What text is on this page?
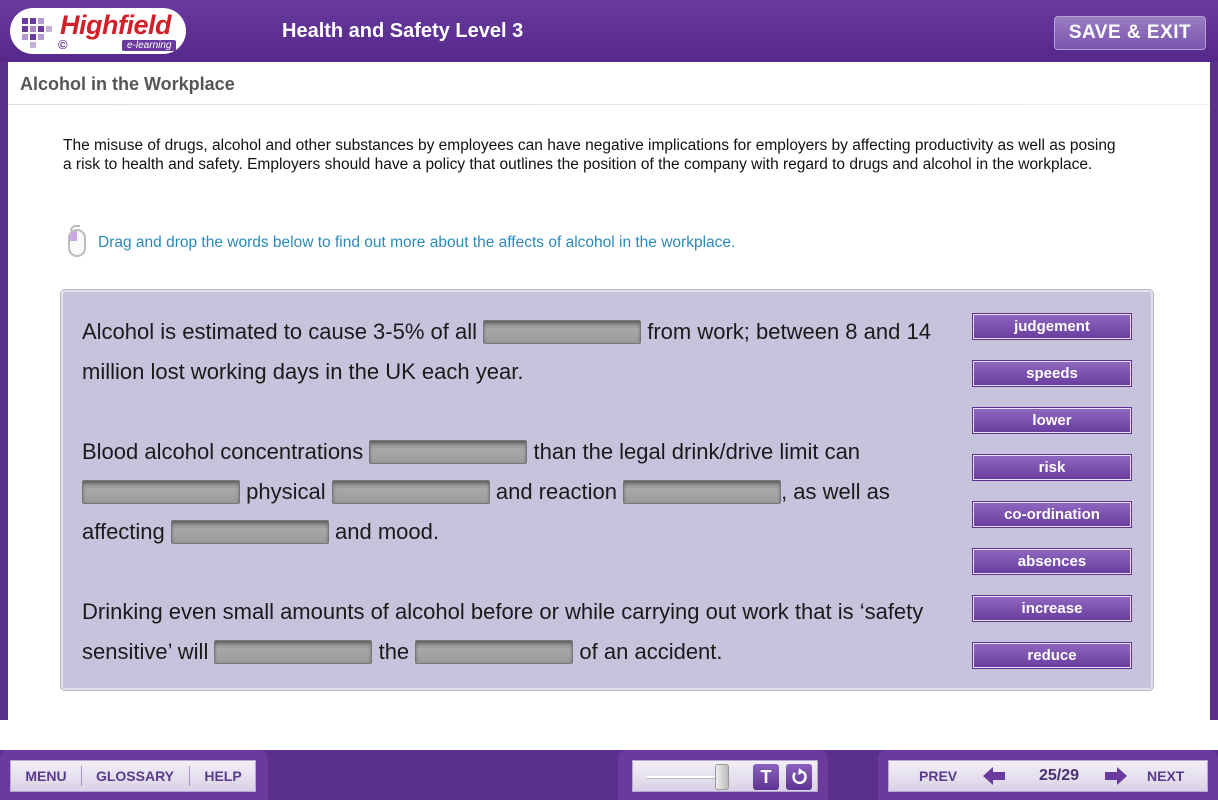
Highfield
©	e-learning
Health and Safety Level 3	SAVE & EXIT
Alcohol in the Workplace

The misuse of drugs, alcohol and other substances by employees can have negative implications for employers by affecting productivity as well as posing a risk to health and safety. Employers should have a policy that outlines the position of the company with regard to drugs and alcohol in the workplace.

Drag and drop the words below to find out more about the affects of alcohol in the workplace.

Alcohol is estimated to cause 3-5% of all	from work; between 8 and 14 million lost working days in the UK each year.

Blood alcohol concentrations	than the legal drink/drive limit can  physical	and reaction	, as well as affecting	and mood.

Drinking even small amounts of alcohol before or while carrying out work that is ‘safety sensitive’ will	the	of an accident.

judgement
speeds
lower
risk
co-ordination
absences
increase
reduce
MENU	GLOSSARY	HELP	T	PREV	25/29	NEXT
